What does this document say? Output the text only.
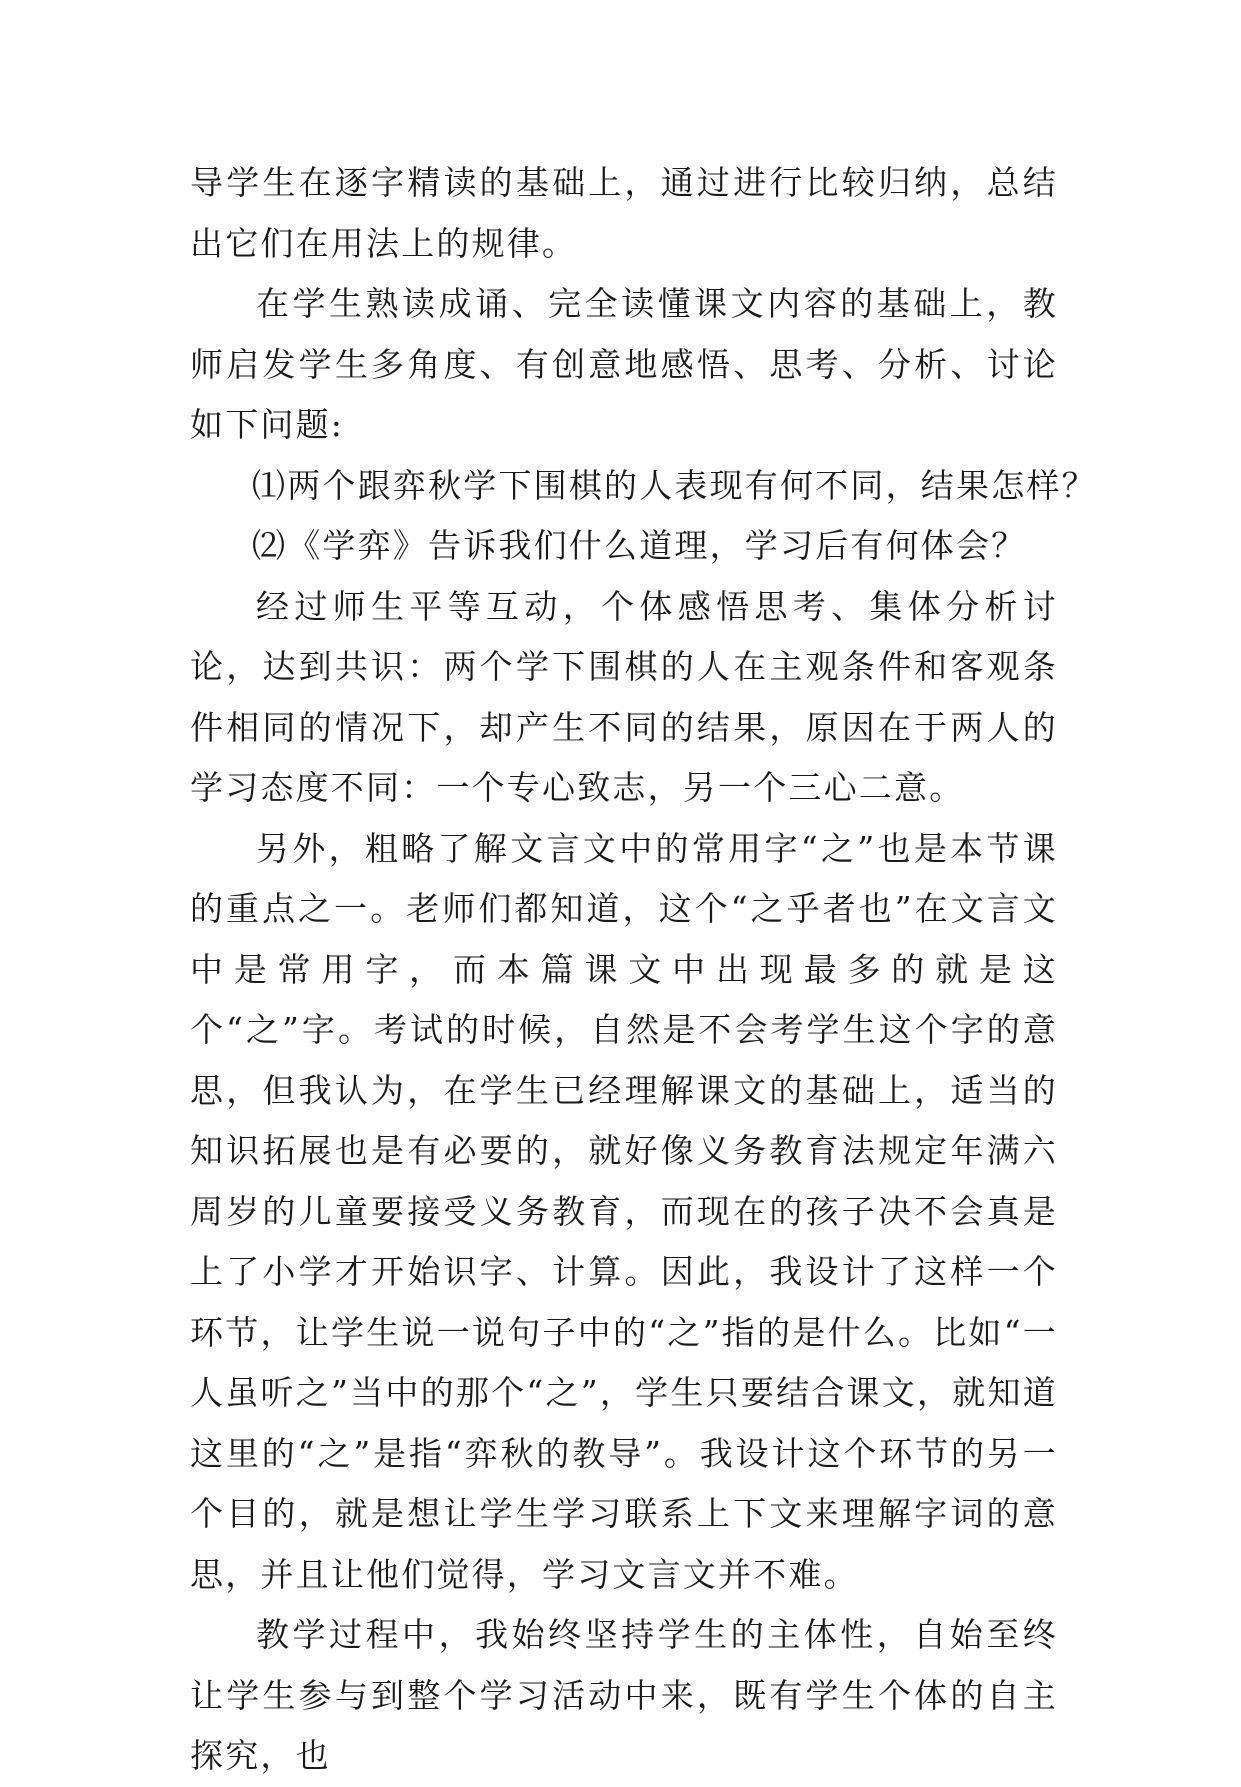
导学生在逐字精读的基础上，通过进行比较归纳，总结出它们在用法上的规律。

在学生熟读成诵、完全读懂课文内容的基础上，教师启发学生多角度、有创意地感悟、思考、分析、讨论如下问题:

⑴两个跟弈秋学下围棋的人表现有何不同，结果怎样？

⑵《学弈》告诉我们什么道理，学习后有何体会？

经过师生平等互动，个体感悟思考、集体分析讨论，达到共识：两个学下围棋的人在主观条件和客观条件相同的情况下，却产生不同的结果，原因在于两人的学习态度不同：一个专心致志，另一个三心二意。

另外，粗略了解文言文中的常用字“之”也是本节课的重点之一。老师们都知道，这个“之乎者也”在文言文中是常用字，而本篇课文中出现最多的就是这个“之”字。考试的时候，自然是不会考学生这个字的意思，但我认为，在学生已经理解课文的基础上，适当的知识拓展也是有必要的，就好像义务教育法规定年满六周岁的儿童要接受义务教育，而现在的孩子决不会真是上了小学才开始识字、计算。因此，我设计了这样一个环节，让学生说一说句子中的“之”指的是什么。比如“一人虽听之”当中的那个“之”，学生只要结合课文，就知道这里的“之”是指“弈秋的教导”。我设计这个环节的另一个目的，就是想让学生学习联系上下文来理解字词的意思，并且让他们觉得，学习文言文并不难。

教学过程中，我始终坚持学生的主体性，自始至终让学生参与到整个学习活动中来，既有学生个体的自主探究，也
